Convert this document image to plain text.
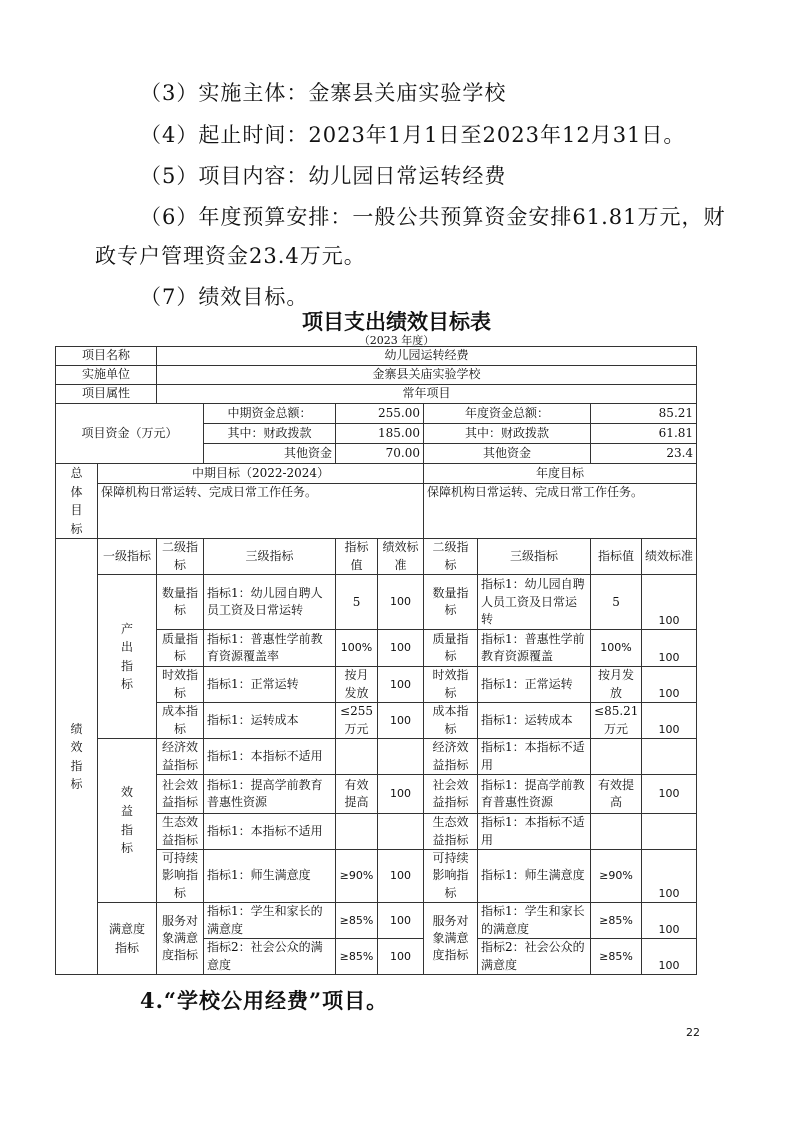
（3）实施主体：金寨县关庙实验学校
（4）起止时间：2023年1月1日至2023年12月31日。
（5）项目内容：幼儿园日常运转经费
（6）年度预算安排：一般公共预算资金安排61.81万元，财
政专户管理资金23.4万元。
（7）绩效目标。
项目支出绩效目标表
（2023 年度）
项目名称		幼儿园运转经费							
实施单位		金寨县关庙实验学校							
项目属性		常年项目							
项目资金（万元）			中期资金总额：	255.00		年度资金总额：		85.21	
			其中：财政拨款	185.00		其中：财政拨款		61.81	
			其他资金	70.00		其他资金		23.4	
总体目标	中期目标（2022-2024）					年度目标			
	保障机构日常运转、完成日常工作任务。					保障机构日常运转、完成日常工作任务。			
绩效指标	一级指标	二级指标	三级指标	指标值	绩效标准	二级指标	三级指标	指标值	绩效标准
	产出指标	数量指标	指标1：幼儿园自聘人员工资及日常运转	5	100	数量指标	指标1：幼儿园自聘人员工资及日常运转	5	100
		质量指标	指标1：普惠性学前教育资源覆盖率	100%	100	质量指标	指标1：普惠性学前教育资源覆盖	100%	100
		时效指标	指标1：正常运转	按月发放	100	时效指标	指标1：正常运转	按月发放	100
		成本指标	指标1：运转成本	≤255万元	100	成本指标	指标1：运转成本	≤85.21万元	100
	效益指标	经济效益指标	指标1：本指标不适用			经济效益指标	指标1：本指标不适用		
		社会效益指标	指标1：提高学前教育普惠性资源	有效提高	100	社会效益指标	指标1：提高学前教育普惠性资源	有效提高	100
		生态效益指标	指标1：本指标不适用			生态效益指标	指标1：本指标不适用		
		可持续影响指标	指标1：师生满意度	≥90%	100	可持续影响指标	指标1：师生满意度	≥90%	100
	满意度指标	服务对象满意度指标	指标1：学生和家长的满意度	≥85%	100	服务对象满意度指标	指标1：学生和家长的满意度	≥85%	100
			指标2：社会公众的满意度	≥85%	100		指标2：社会公众的满意度	≥85%	100
4.“学校公用经费”项目。
22
